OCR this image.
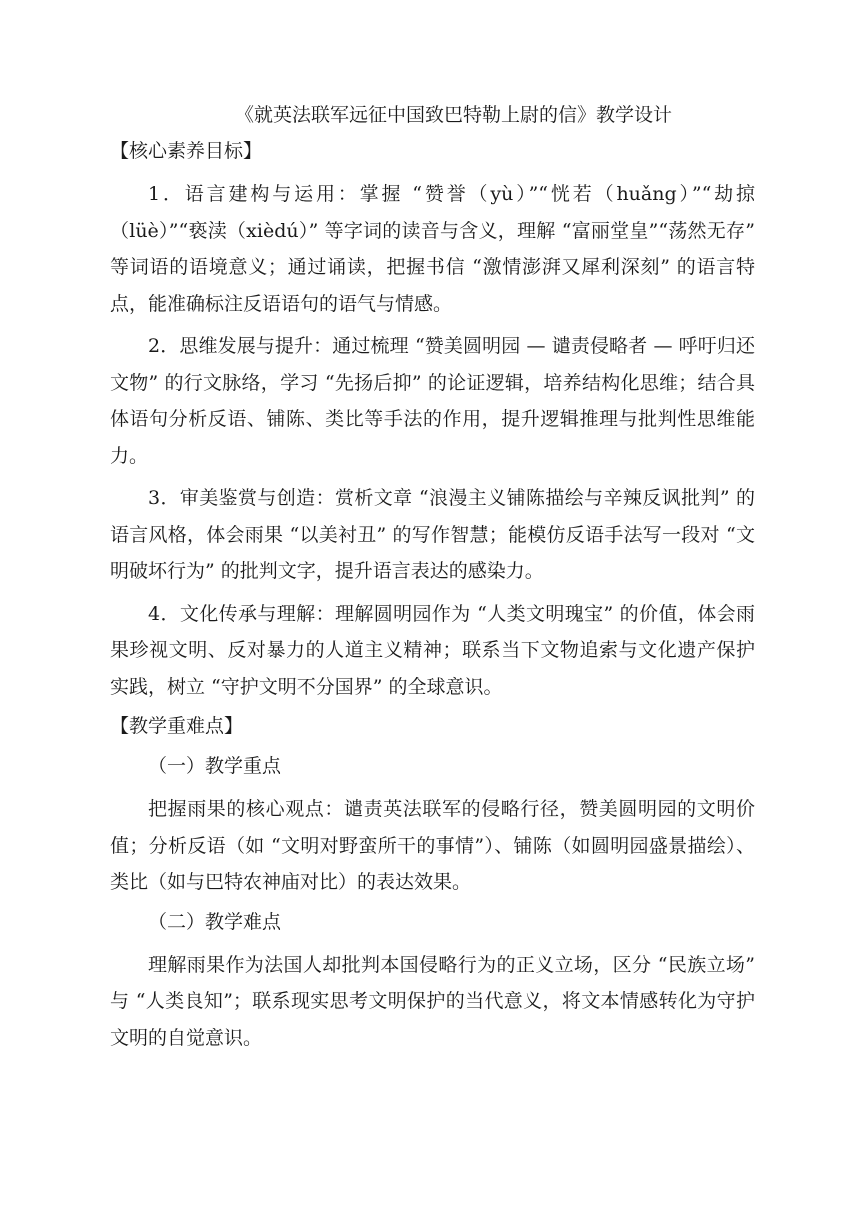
《就英法联军远征中国致巴特勒上尉的信》教学设计
【核心素养目标】

1．语言建构与运用：掌握 “赞誉（yù）”“恍若（huǎng）”“劫掠（lüè）”“亵渎（xièdú）” 等字词的读音与含义，理解 “富丽堂皇”“荡然无存” 等词语的语境意义；通过诵读，把握书信 “激情澎湃又犀利深刻” 的语言特点，能准确标注反语语句的语气与情感。

2．思维发展与提升：通过梳理 “赞美圆明园 — 谴责侵略者 — 呼吁归还文物” 的行文脉络，学习 “先扬后抑” 的论证逻辑，培养结构化思维；结合具体语句分析反语、铺陈、类比等手法的作用，提升逻辑推理与批判性思维能力。

3．审美鉴赏与创造：赏析文章 “浪漫主义铺陈描绘与辛辣反讽批判” 的语言风格，体会雨果 “以美衬丑” 的写作智慧；能模仿反语手法写一段对 “文明破坏行为” 的批判文字，提升语言表达的感染力。

4．文化传承与理解：理解圆明园作为 “人类文明瑰宝” 的价值，体会雨果珍视文明、反对暴力的人道主义精神；联系当下文物追索与文化遗产保护实践，树立 “守护文明不分国界” 的全球意识。

【教学重难点】
（一）教学重点

把握雨果的核心观点：谴责英法联军的侵略行径，赞美圆明园的文明价值；分析反语（如 “文明对野蛮所干的事情”）、铺陈（如圆明园盛景描绘）、类比（如与巴特农神庙对比）的表达效果。

（二）教学难点

理解雨果作为法国人却批判本国侵略行为的正义立场，区分 “民族立场” 与 “人类良知”；联系现实思考文明保护的当代意义，将文本情感转化为守护文明的自觉意识。
